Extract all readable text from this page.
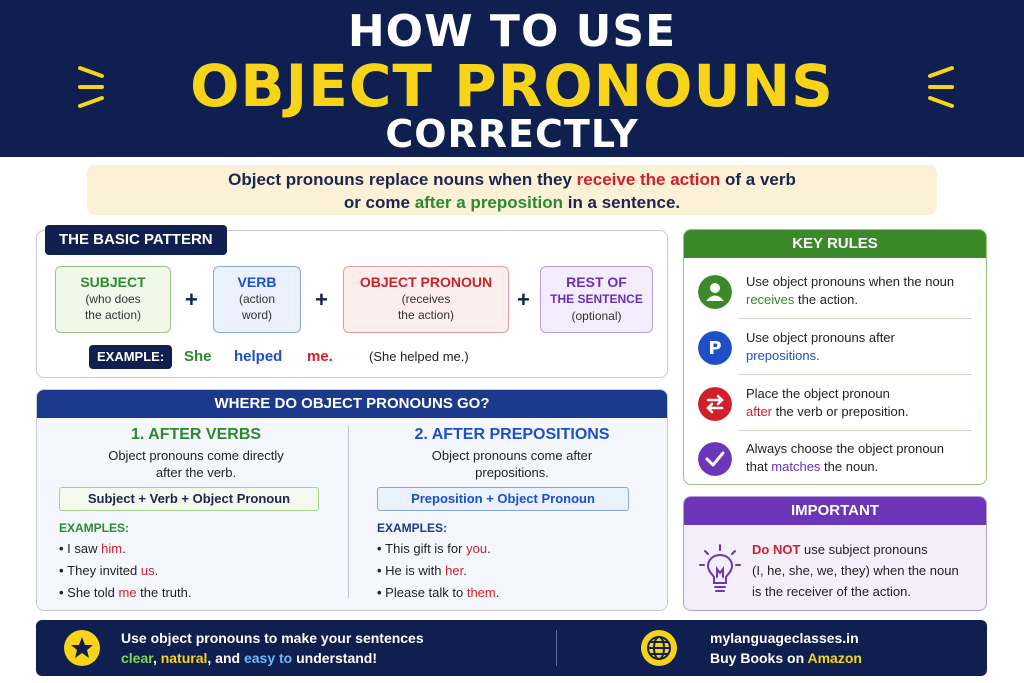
HOW TO USE
OBJECT PRONOUNS
CORRECTLY
Object pronouns replace nouns when they receive the action of a verb
or come after a preposition in a sentence.
THE BASIC PATTERN
SUBJECT
(who does
the action)
+
VERB
(action
word)
+
OBJECT PRONOUN
(receives
the action)
+
REST OF
THE SENTENCE
(optional)
EXAMPLE:	She helped me.	(She helped me.)
WHERE DO OBJECT PRONOUNS GO?
1. AFTER VERBS
Object pronouns come directly
after the verb.
Subject + Verb + Object Pronoun
EXAMPLES:
• I saw him.
• They invited us.
• She told me the truth.
2. AFTER PREPOSITIONS
Object pronouns come after
prepositions.
Preposition + Object Pronoun
EXAMPLES:
• This gift is for you.
• He is with her.
• Please talk to them.
KEY RULES
Use object pronouns when the noun
receives the action.
P
Use object pronouns after
prepositions.
Place the object pronoun
after the verb or preposition.
Always choose the object pronoun
that matches the noun.
IMPORTANT
Do NOT use subject pronouns
(I, he, she, we, they) when the noun
is the receiver of the action.
Use object pronouns to make your sentences
clear, natural, and easy to understand!
mylanguageclasses.in
Buy Books on Amazon
